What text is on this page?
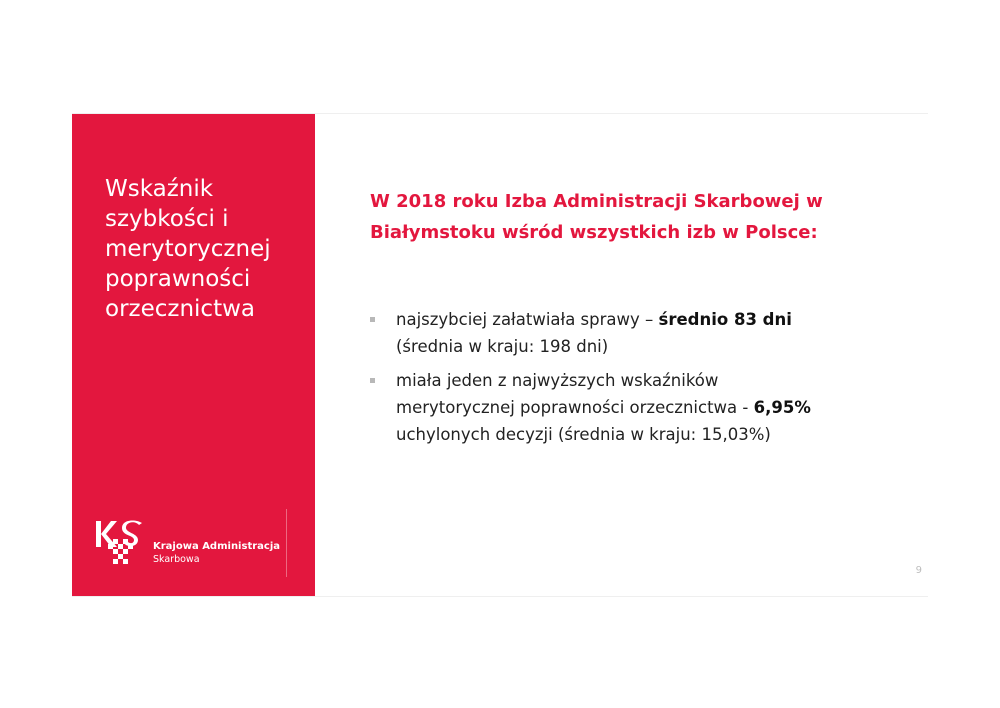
Wskaźnik
szybkości i
merytorycznej
poprawności
orzecznictwa
Krajowa Administracja
Skarbowa
W 2018 roku Izba Administracji Skarbowej w
Białymstoku wśród wszystkich izb w Polsce:
najszybciej załatwiała sprawy – średnio 83 dni
(średnia w kraju: 198 dni)
miała jeden z najwyższych wskaźników
merytorycznej poprawności orzecznictwa - 6,95%
uchylonych decyzji (średnia w kraju: 15,03%)
9
